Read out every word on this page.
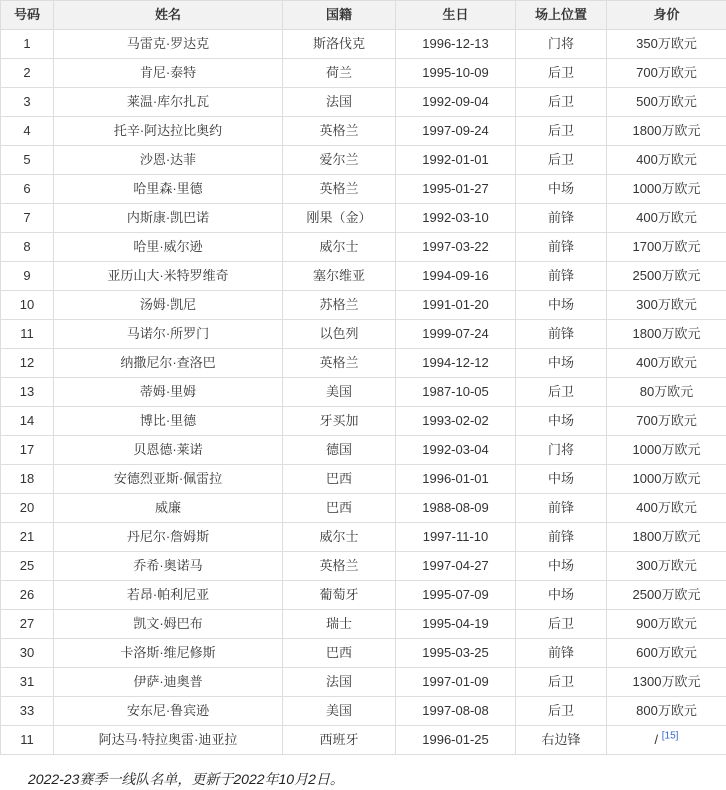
号码	姓名	国籍	生日	场上位置	身价
1	马雷克·罗达克	斯洛伐克	1996-12-13	门将	350万欧元
2	肯尼·泰特	荷兰	1995-10-09	后卫	700万欧元
3	莱温·库尔扎瓦	法国	1992-09-04	后卫	500万欧元
4	托辛·阿达拉比奥约	英格兰	1997-09-24	后卫	1800万欧元
5	沙恩·达菲	爱尔兰	1992-01-01	后卫	400万欧元
6	哈里森·里德	英格兰	1995-01-27	中场	1000万欧元
7	内斯康·凯巴诺	刚果（金）	1992-03-10	前锋	400万欧元
8	哈里·威尔逊	威尔士	1997-03-22	前锋	1700万欧元
9	亚历山大·米特罗维奇	塞尔维亚	1994-09-16	前锋	2500万欧元
10	汤姆·凯尼	苏格兰	1991-01-20	中场	300万欧元
11	马诺尔·所罗门	以色列	1999-07-24	前锋	1800万欧元
12	纳撒尼尔·查洛巴	英格兰	1994-12-12	中场	400万欧元
13	蒂姆·里姆	美国	1987-10-05	后卫	80万欧元
14	博比·里德	牙买加	1993-02-02	中场	700万欧元
17	贝恩德·莱诺	德国	1992-03-04	门将	1000万欧元
18	安德烈亚斯·佩雷拉	巴西	1996-01-01	中场	1000万欧元
20	威廉	巴西	1988-08-09	前锋	400万欧元
21	丹尼尔·詹姆斯	威尔士	1997-11-10	前锋	1800万欧元
25	乔希·奥诺马	英格兰	1997-04-27	中场	300万欧元
26	若昂·帕利尼亚	葡萄牙	1995-07-09	中场	2500万欧元
27	凯文·姆巴布	瑞士	1995-04-19	后卫	900万欧元
30	卡洛斯·维尼修斯	巴西	1995-03-25	前锋	600万欧元
31	伊萨·迪奥普	法国	1997-01-09	后卫	1300万欧元
33	安东尼·鲁宾逊	美国	1997-08-08	后卫	800万欧元
11	阿达马·特拉奥雷·迪亚拉	西班牙	1996-01-25	右边锋	/ [15]

2022-23赛季一线队名单，更新于2022年10月2日。
